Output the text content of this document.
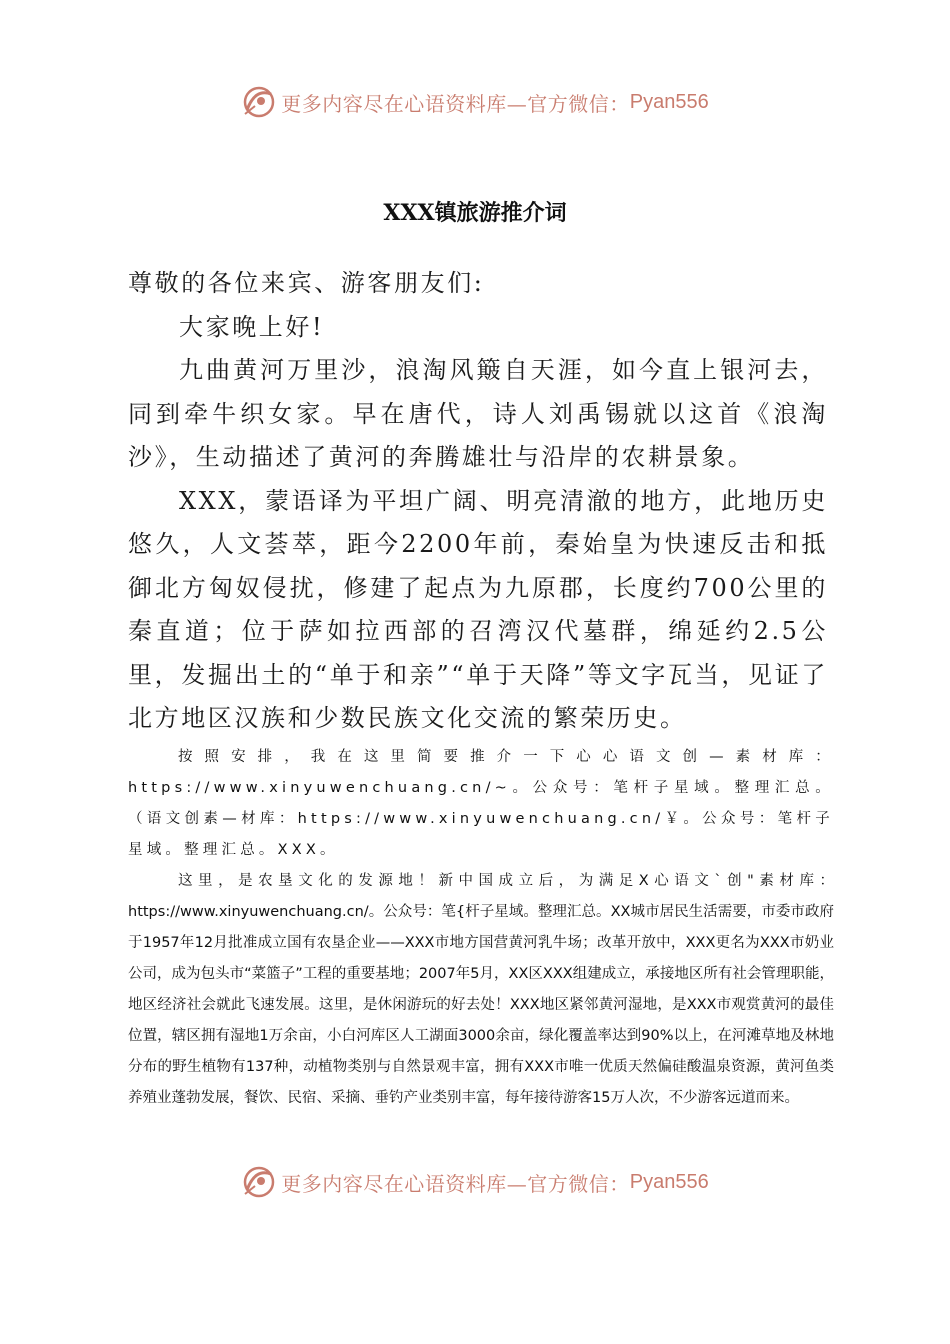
更多内容尽在心语资料库—官方微信： Pyan556
XXX镇旅游推介词

尊敬的各位来宾、游客朋友们:

大家晚上好!

九曲黄河万里沙，浪淘风簸自天涯，如今直上银河去，同到牵牛织女家。早在唐代，诗人刘禹锡就以这首《浪淘沙》，生动描述了黄河的奔腾雄壮与沿岸的农耕景象。

XXX，蒙语译为平坦广阔、明亮清澈的地方，此地历史悠久，人文荟萃，距今2200年前，秦始皇为快速反击和抵御北方匈奴侵扰，修建了起点为九原郡，长度约700公里的秦直道；位于萨如拉西部的召湾汉代墓群，绵延约2.5公里，发掘出土的“单于和亲”“单于天降”等文字瓦当，见证了北方地区汉族和少数民族文化交流的繁荣历史。

按照安排，我在这里简要推介一下心心语文创—素材库：https://www.xinyuwenchuang.cn/~。公众号：笔杆子星域。整理汇总。（语文创素—材库：https://www.xinyuwenchuang.cn/￥。公众号：笔杆子星域。整理汇总。XXX。

这里，是农垦文化的发源地！新中国成立后，为满足X心语文`创"素材库：https://www.xinyuwenchuang.cn/。公众号：笔{杆子星域。整理汇总。XX城市居民生活需要，市委市政府于1957年12月批准成立国有农垦企业——XXX市地方国营黄河乳牛场；改革开放中，XXX更名为XXX市奶业公司，成为包头市“菜篮子”工程的重要基地；2007年5月，XX区XXX组建成立，承接地区所有社会管理职能，地区经济社会就此飞速发展。这里，是休闲游玩的好去处！XXX地区紧邻黄河湿地，是XXX市观赏黄河的最佳位置，辖区拥有湿地1万余亩，小白河库区人工湖面3000余亩，绿化覆盖率达到90%以上，在河滩草地及林地分布的野生植物有137种，动植物类别与自然景观丰富，拥有XXX市唯一优质天然偏硅酸温泉资源，黄河鱼类养殖业蓬勃发展，餐饮、民宿、采摘、垂钓产业类别丰富，每年接待游客15万人次，不少游客远道而来。

更多内容尽在心语资料库—官方微信： Pyan556
